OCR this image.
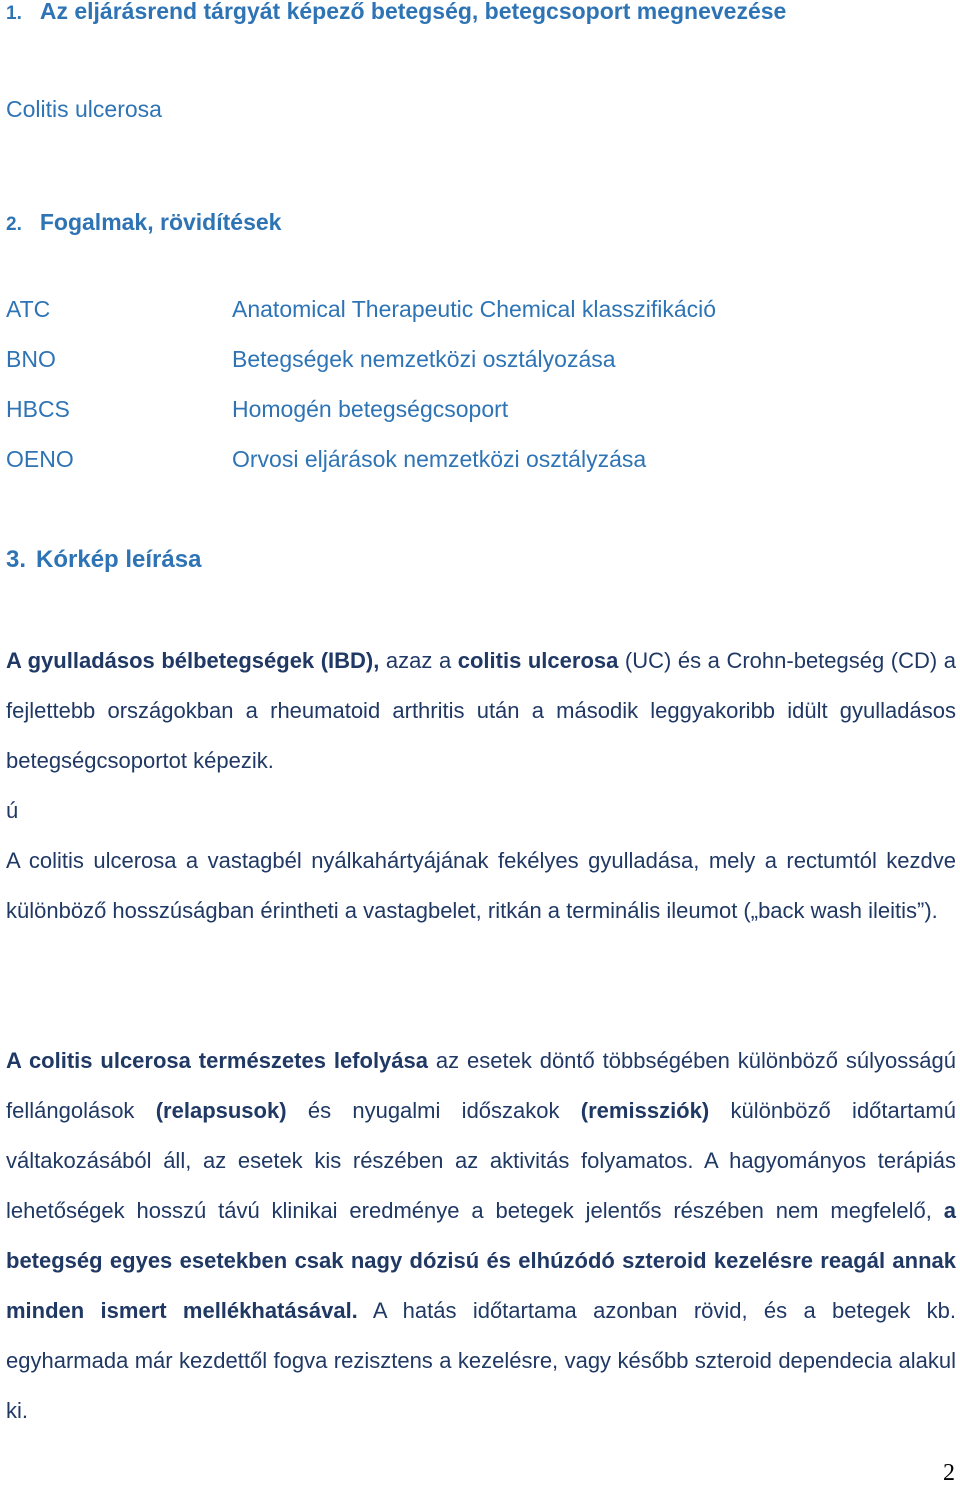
1. Az eljárásrend tárgyát képező betegség, betegcsoport megnevezése
Colitis ulcerosa
2. Fogalmak, rövidítések
ATC	Anatomical Therapeutic Chemical klasszifikáció
BNO	Betegségek nemzetközi osztályozása
HBCS	Homogén betegségcsoport
OENO	Orvosi eljárások nemzetközi osztályzása
3. Kórkép leírása
A gyulladásos bélbetegségek (IBD), azaz a colitis ulcerosa (UC) és a Crohn-betegség (CD) a fejlettebb országokban a rheumatoid arthritis után a második leggyakoribb idült gyulladásos betegségcsoportot képezik.
ú
A colitis ulcerosa a vastagbél nyálkahártyájának fekélyes gyulladása, mely a rectumtól kezdve különböző hosszúságban érintheti a vastagbelet, ritkán a terminális ileumot („back wash ileitis”).
A colitis ulcerosa természetes lefolyása az esetek döntő többségében különböző súlyosságú fellángolások (relapsusok) és nyugalmi időszakok (remissziók) különböző időtartamú váltakozásából áll, az esetek kis részében az aktivitás folyamatos. A hagyományos terápiás lehetőségek hosszú távú klinikai eredménye a betegek jelentős részében nem megfelelő, a betegség egyes esetekben csak nagy dózisú és elhúzódó szteroid kezelésre reagál annak minden ismert mellékhatásával. A hatás időtartama azonban rövid, és a betegek kb. egyharmada már kezdettől fogva rezisztens a kezelésre, vagy később szteroid dependecia alakul ki.
2
